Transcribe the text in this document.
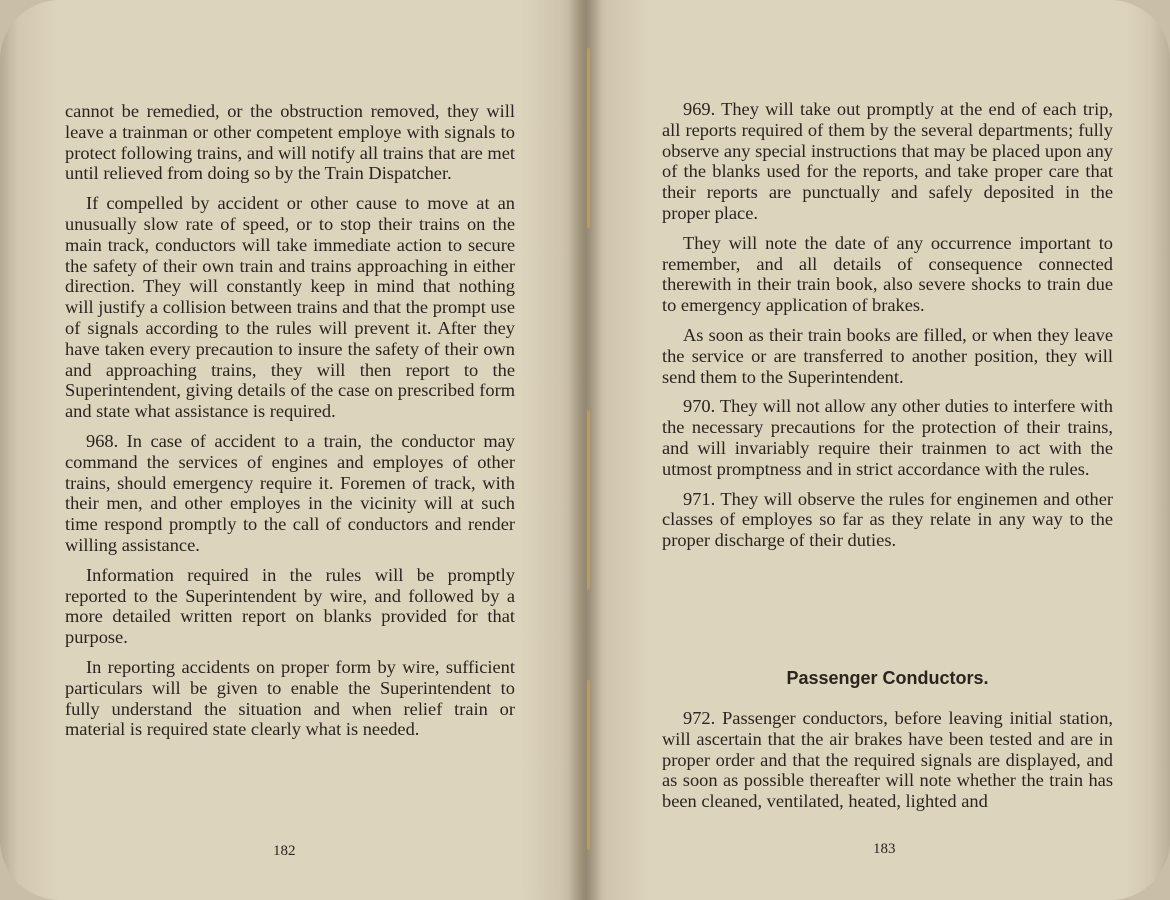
cannot be remedied, or the obstruction removed, they will leave a trainman or other competent employe with signals to protect following trains, and will notify all trains that are met until relieved from doing so by the Train Dispatcher.

If compelled by accident or other cause to move at an unusually slow rate of speed, or to stop their trains on the main track, conductors will take immediate action to secure the safety of their own train and trains approaching in either direction. They will constantly keep in mind that nothing will justify a collision between trains and that the prompt use of signals according to the rules will prevent it. After they have taken every precaution to insure the safety of their own and approaching trains, they will then report to the Superintendent, giving details of the case on prescribed form and state what assistance is required.

968. In case of accident to a train, the conductor may command the services of engines and employes of other trains, should emergency require it. Foremen of track, with their men, and other employes in the vicinity will at such time respond promptly to the call of conductors and render willing assistance.

Information required in the rules will be promptly reported to the Superintendent by wire, and followed by a more detailed written report on blanks provided for that purpose.

In reporting accidents on proper form by wire, sufficient particulars will be given to enable the Superintendent to fully understand the situation and when relief train or material is required state clearly what is needed.

182

969. They will take out promptly at the end of each trip, all reports required of them by the several departments; fully observe any special instructions that may be placed upon any of the blanks used for the reports, and take proper care that their reports are punctually and safely deposited in the proper place.

They will note the date of any occurrence important to remember, and all details of consequence connected therewith in their train book, also severe shocks to train due to emergency application of brakes.

As soon as their train books are filled, or when they leave the service or are transferred to another position, they will send them to the Superintendent.

970. They will not allow any other duties to interfere with the necessary precautions for the protection of their trains, and will invariably require their trainmen to act with the utmost promptness and in strict accordance with the rules.

971. They will observe the rules for enginemen and other classes of employes so far as they relate in any way to the proper discharge of their duties.

Passenger Conductors.

972. Passenger conductors, before leaving initial station, will ascertain that the air brakes have been tested and are in proper order and that the required signals are displayed, and as soon as possible thereafter will note whether the train has been cleaned, ventilated, heated, lighted and

183
